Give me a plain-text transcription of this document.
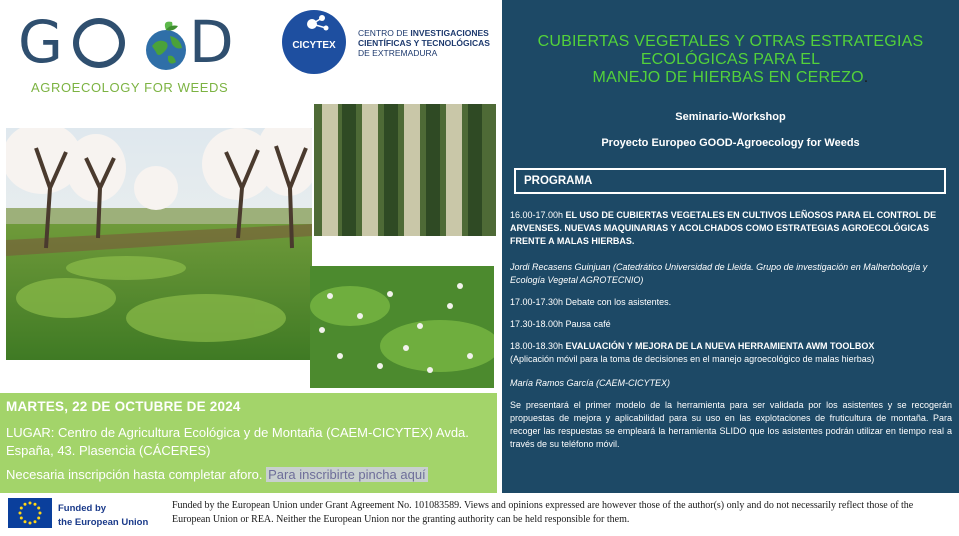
G D
AGROECOLOGY FOR WEEDS
CICYTEX
CENTRO DE INVESTIGACIONES
CIENTÍFICAS Y TECNOLÓGICAS
DE EXTREMADURA
MARTES, 22 DE OCTUBRE DE 2024
LUGAR: Centro de Agricultura Ecológica y de Montaña (CAEM-CICYTEX) Avda. España, 43. Plasencia (CÁCERES)
Necesaria inscripción hasta completar aforo. Para inscribirte pincha aquí
CUBIERTAS VEGETALES Y OTRAS ESTRATEGIAS
ECOLÓGICAS PARA EL
MANEJO DE HIERBAS EN CEREZO.
Seminario-Workshop
Proyecto Europeo GOOD-Agroecology for Weeds
PROGRAMA
16.00-17.00h EL USO DE CUBIERTAS VEGETALES EN CULTIVOS LEÑOSOS PARA EL CONTROL DE ARVENSES. NUEVAS MAQUINARIAS Y ACOLCHADOS COMO ESTRATEGIAS AGROECOLÓGICAS FRENTE A MALAS HIERBAS.
Jordi Recasens Guinjuan (Catedrático Universidad de Lleida. Grupo de investigación en Malherbología y Ecología Vegetal AGROTECNIO)
17.00-17.30h Debate con los asistentes.
17.30-18.00h Pausa café
18.00-18.30h EVALUACIÓN Y MEJORA DE LA NUEVA HERRAMIENTA AWM TOOLBOX
(Aplicación móvil para la toma de decisiones en el manejo agroecológico de malas hierbas)
María Ramos García (CAEM-CICYTEX)
Se presentará el primer modelo de la herramienta para ser validada por los asistentes y se recogerán propuestas de mejora y aplicabilidad para su uso en las explotaciones de fruticultura de montaña. Para recoger las respuestas se empleará la herramienta SLIDO que los asistentes podrán utilizar en tiempo real a través de su teléfono móvil.
Funded by
the European Union
Funded by the European Union under Grant Agreement No. 101083589. Views and opinions expressed are however those of the author(s) only and do not necessarily reflect those of the European Union or REA. Neither the European Union nor the granting authority can be held responsible for them.
